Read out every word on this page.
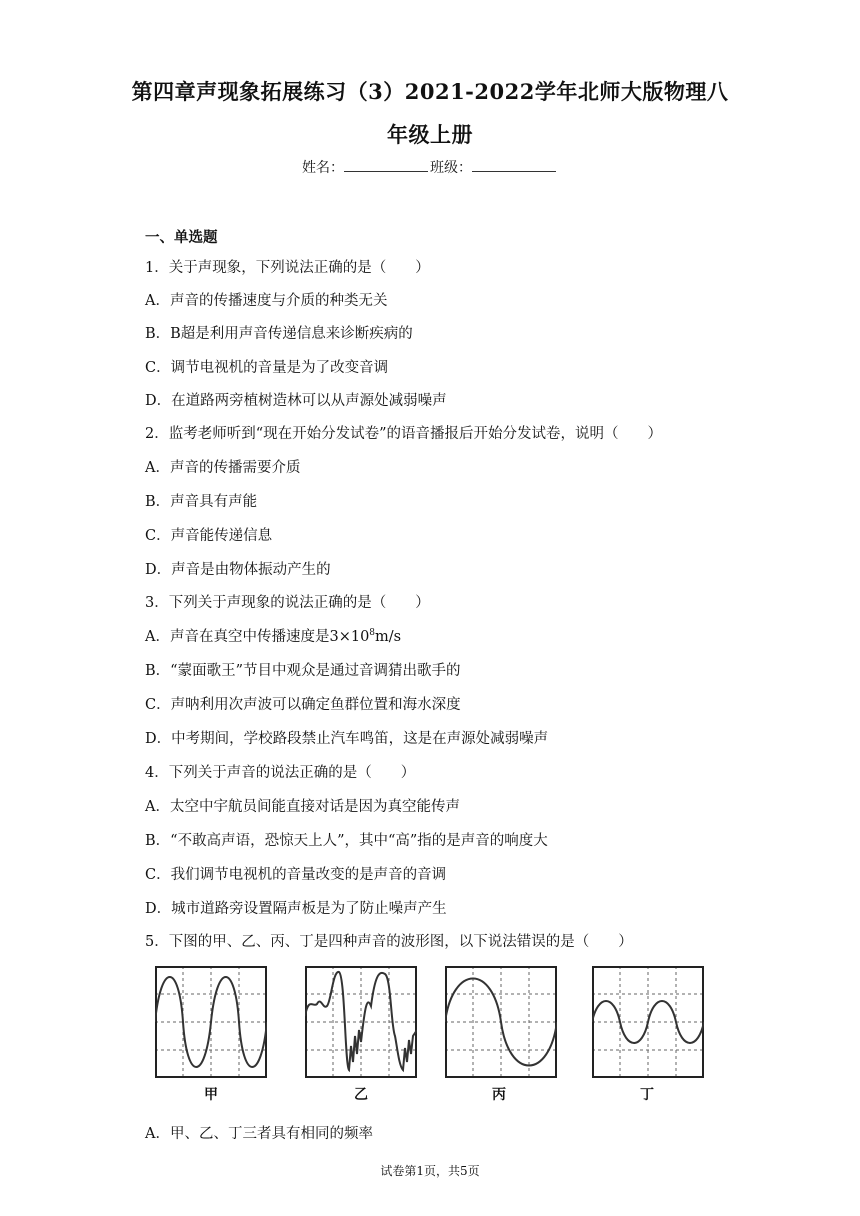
第四章声现象拓展练习（3）2021-2022学年北师大版物理八
年级上册
姓名：	班级：
一、单选题
1．关于声现象，下列说法正确的是（　　）
A．声音的传播速度与介质的种类无关
B．B超是利用声音传递信息来诊断疾病的
C．调节电视机的音量是为了改变音调
D．在道路两旁植树造林可以从声源处减弱噪声
2．监考老师听到“现在开始分发试卷”的语音播报后开始分发试卷，说明（　　）
A．声音的传播需要介质
B．声音具有声能
C．声音能传递信息
D．声音是由物体振动产生的
3．下列关于声现象的说法正确的是（　　）
A．声音在真空中传播速度是$3\times 10^8m/s$
B．“蒙面歌王”节目中观众是通过音调猜出歌手的
C．声呐利用次声波可以确定鱼群位置和海水深度
D．中考期间，学校路段禁止汽车鸣笛，这是在声源处减弱噪声
4．下列关于声音的说法正确的是（　　）
A．太空中宇航员间能直接对话是因为真空能传声
B．“不敢高声语，恐惊天上人”，其中“高”指的是声音的响度大
C．我们调节电视机的音量改变的是声音的音调
D．城市道路旁设置隔声板是为了防止噪声产生
5．下图的甲、乙、丙、丁是四种声音的波形图，以下说法错误的是（　　）
甲	乙	丙	丁
A．甲、乙、丁三者具有相同的频率
试卷第1页，共5页
